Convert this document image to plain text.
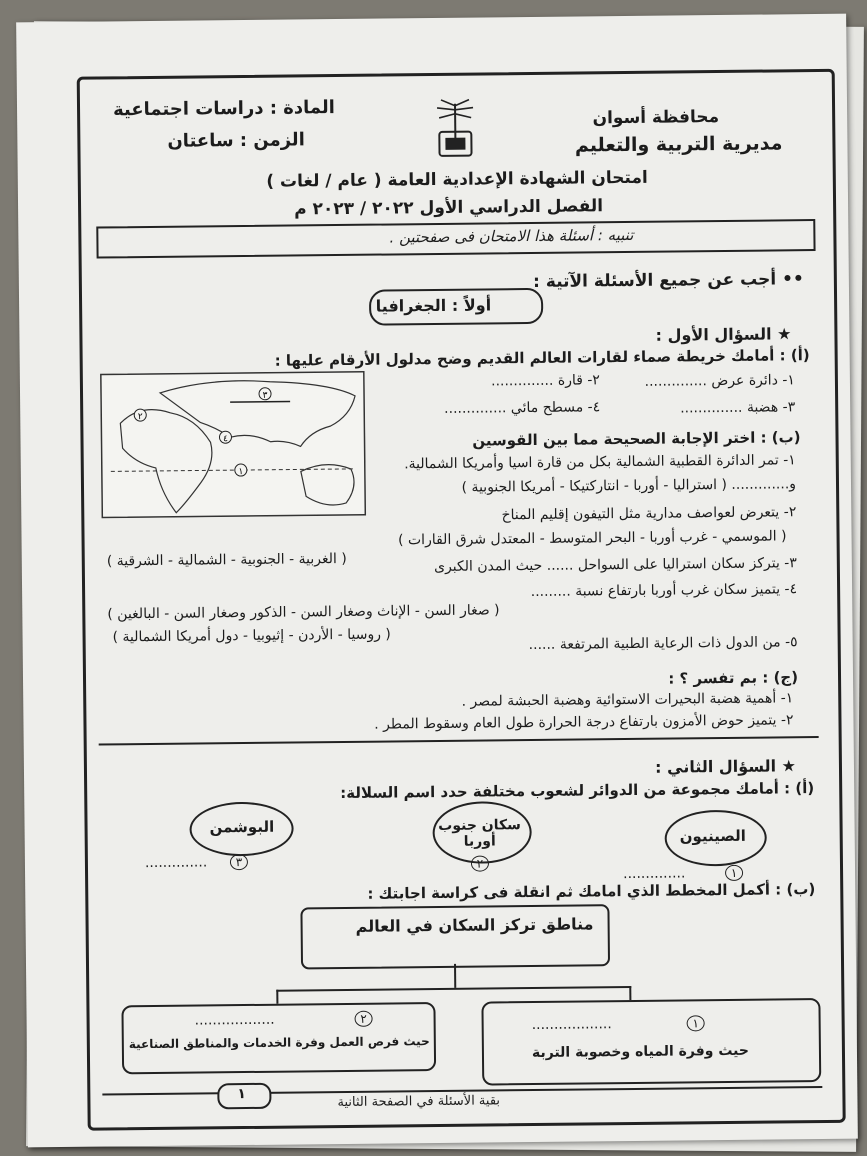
محافظة أسوان
مديرية التربية والتعليم
المادة : دراسات اجتماعية
الزمن : ساعتان
امتحان الشهادة الإعدادية العامة ( عام / لغات )
الفصل الدراسي الأول ٢٠٢٢ / ٢٠٢٣ م
تنبيه : أسئلة هذا الامتحان فى صفحتين .
•• أجب عن جميع الأسئلة الآتية :
أولاً : الجغرافيا
★ السؤال الأول :
(أ) : أمامك خريطة صماء لقارات العالم القديم وضح مدلول الأرقام عليها :
١- دائرة عرض ..............
٢- قارة ..............
٣- هضبة ..............
٤- مسطح مائي ..............
١
٢
٣
٤	(ب) : اختر الإجابة الصحيحة مما بين القوسين
١- تمر الدائرة القطبية الشمالية بكل من قارة اسيا وأمريكا الشمالية.
و............. ( استراليا - أوربا - انتاركتيكا - أمريكا الجنوبية )
٢- يتعرض لعواصف مدارية مثل التيفون إقليم المناخ
( الموسمي - غرب أوربا - البحر المتوسط - المعتدل شرق القارات )
٣- يتركز سكان استراليا على السواحل ...... حيث المدن الكبرى
( الغربية - الجنوبية - الشمالية - الشرقية )
٤- يتميز سكان غرب أوربا بارتفاع نسبة .........
( صغار السن - الإناث وصغار السن - الذكور وصغار السن - البالغين )
٥- من الدول ذات الرعاية الطبية المرتفعة ......
( روسيا - الأردن - إثيوبيا - دول أمريكا الشمالية )
(ج) : بم تفسر ؟ :
١- أهمية هضبة البحيرات الاستوائية وهضبة الحبشة لمصر .
٢- يتميز حوض الأمزون بارتفاع درجة الحرارة طول العام وسقوط المطر .
★ السؤال الثاني :
(أ) : أمامك مجموعة من الدوائر لشعوب مختلفة حدد اسم السلالة:
الصينيون
سكان جنوب أوربا
البوشمن
١
..............
٢
٣
..............
(ب) : أكمل المخطط الذي امامك ثم انقلة فى كراسة اجابتك :
مناطق تركز السكان في العالم
١
..................
حيث وفرة المياه وخصوبة التربة
٢
..................
حيث فرص العمل وفرة الخدمات والمناطق الصناعية
١	بقية الأسئلة في الصفحة الثانية
